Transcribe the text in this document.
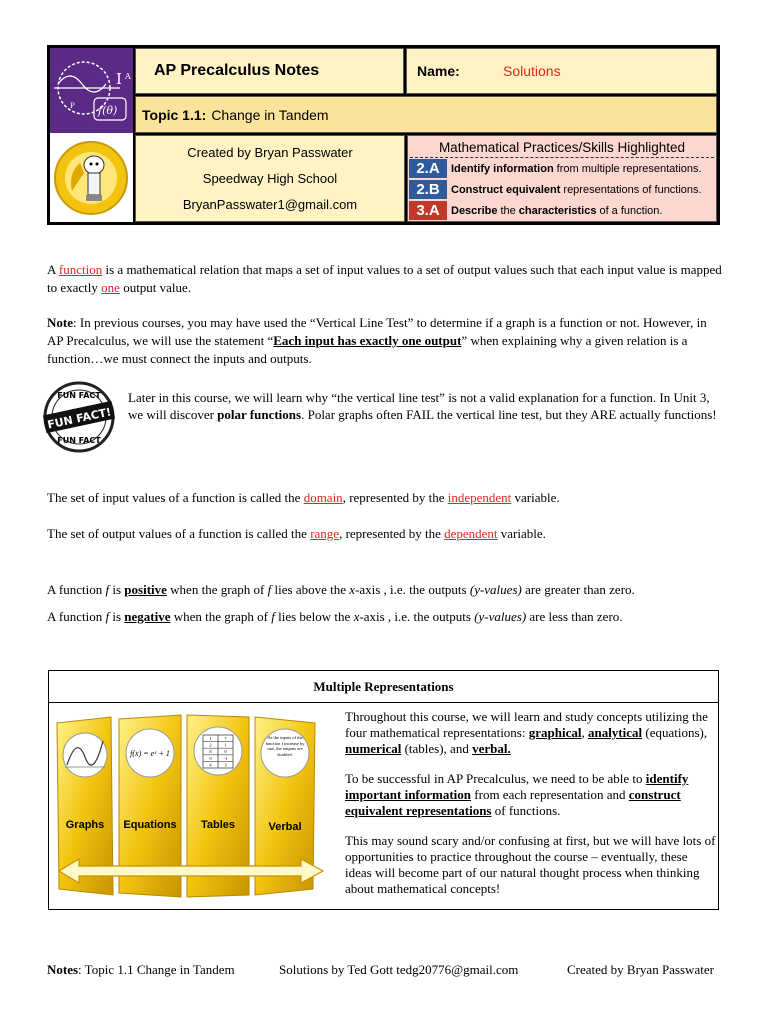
I A
P f(θ)
AP Precalculus Notes	Name:	Solutions
Topic 1.1: Change in Tandem
Created by Bryan Passwater
Speedway High School
BryanPasswater1@gmail.com
Mathematical Practices/Skills Highlighted
2.A	Identify information from multiple representations.
2.B	Construct equivalent representations of functions.
3.A	Describe the characteristics of a function.
A function is a mathematical relation that maps a set of input values to a set of output values such that each input value is mapped to exactly one output value.
Note: In previous courses, you may have used the “Vertical Line Test” to determine if a graph is a function or not. However, in AP Precalculus, we will use the statement “Each input has exactly one output” when explaining why a given relation is a function…we must connect the inputs and outputs.
FUN FACT
FUN FACT!
FUN FACT
Later in this course, we will learn why “the vertical line test” is not a valid explanation for a function. In Unit 3, we will discover polar functions. Polar graphs often FAIL the vertical line test, but they ARE actually functions!
The set of input values of a function is called the domain, represented by the independent variable.
The set of output values of a function is called the range, represented by the dependent variable.
A function f is positive when the graph of f lies above the x-axis , i.e. the outputs (y-values) are greater than zero.
A function f is negative when the graph of f lies below the x-axis , i.e. the outputs (y-values) are less than zero.
Multiple Representations
Graphs
f(x) = eˣ + 1
Equations
1	7
2	1
8	0
9	−1
4	3
Tables
As the inputs of the function f increase by one, the outputs are doubled.
Verbal

Throughout this course, we will learn and study concepts utilizing the four mathematical representations: graphical, analytical (equations), numerical (tables), and verbal.

To be successful in AP Precalculus, we need to be able to identify important information from each representation and construct equivalent representations of functions.

This may sound scary and/or confusing at first, but we will have lots of opportunities to practice throughout the course – eventually, these ideas will become part of our natural thought process when thinking about mathematical concepts!

Notes: Topic 1.1 Change in Tandem	Solutions by Ted Gott tedg20776@gmail.com	Created by Bryan Passwater
